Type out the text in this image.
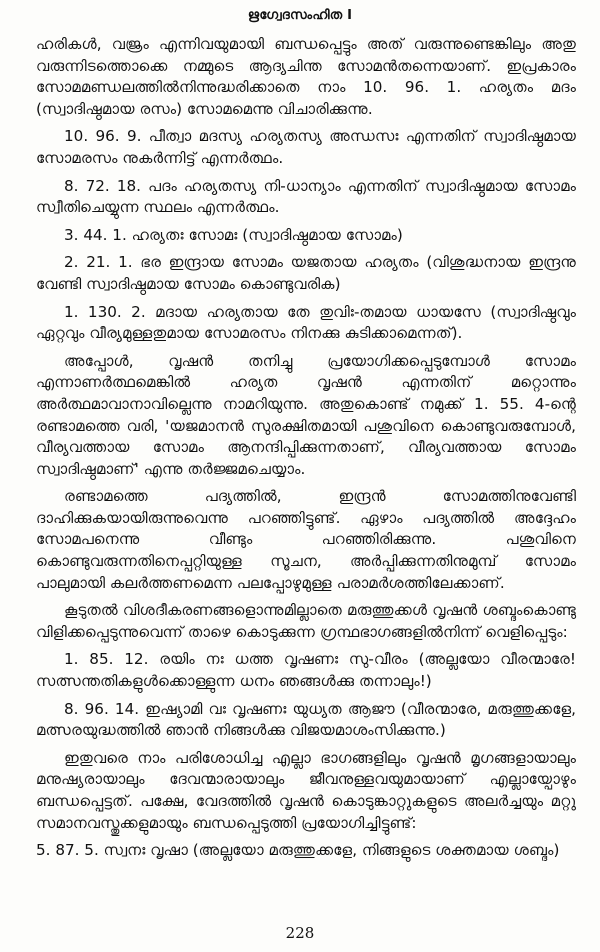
ഋഗ്വേദസംഹിത I

ഹരികൾ, വജ്രം എന്നിവയുമായി ബന്ധപ്പെട്ടും അത് വരുന്നുണ്ടെങ്കിലും അതു വരുന്നിടത്തൊക്കെ നമ്മുടെ ആദ്യചിന്ത സോമൻതന്നെയാണ്. ഇപ്രകാരം സോമമണ്ഡലത്തിൽനിന്നുദ്ധരിക്കാതെ നാം 10. 96. 1. ഹര്യതം മദം (സ്വാദിഷ്ഠമായ രസം) സോമമെന്നു വിചാരിക്കുന്നു.

10. 96. 9. പീത്വാ മദസ്യ ഹര്യതസ്യ അന്ധസഃ എന്നതിന് സ്വാദിഷ്ഠമായ സോമരസം നുകർന്നിട്ട് എന്നർത്ഥം.

8. 72. 18. പദം ഹര്യതസ്യ നി-ധാന്യാം എന്നതിന് സ്വാദിഷ്ഠമായ സോമം സ്വീതിചെയ്യുന്ന സ്ഥലം എന്നർത്ഥം.

3. 44. 1. ഹര്യതഃ സോമഃ (സ്വാദിഷ്ഠമായ സോമം)

2. 21. 1. ഭര ഇന്ദ്രായ സോമം യജതായ ഹര്യതം (വിശുദ്ധനായ ഇന്ദ്രനു വേണ്ടി സ്വാദിഷ്ഠമായ സോമം കൊണ്ടുവരിക)

1. 130. 2. മദായ ഹര്യതായ തേ തുവിഃ-തമായ ധായസേ (സ്വാദിഷ്ഠവും ഏറ്റവും വീര്യമുള്ളതുമായ സോമരസം നിനക്കു കുടിക്കാമെന്നത്).

അപ്പോൾ, വൃഷൻ തനിച്ചു പ്രയോഗിക്കപ്പെടുമ്പോൾ സോമം എന്നാണർത്ഥമെങ്കിൽ ഹര്യത വൃഷൻ എന്നതിന് മറ്റൊന്നും അർത്ഥമാവാനാവില്ലെന്നു നാമറിയുന്നു. അതുകൊണ്ട് നമുക്ക് 1. 55. 4-ന്റെ രണ്ടാമത്തെ വരി, 'യജമാനൻ സുരക്ഷിതമായി പശുവിനെ കൊണ്ടുവരുമ്പോൾ, വീര്യവത്തായ സോമം ആനന്ദിപ്പിക്കുന്നതാണ്, വീര്യവത്തായ സോമം സ്വാദിഷ്ഠമാണ്' എന്നു തർജ്ജമചെയ്യാം.

രണ്ടാമത്തെ പദ്യത്തിൽ, ഇന്ദ്രൻ സോമത്തിനുവേണ്ടി ദാഹിക്കുകയായിരുന്നുവെന്നു പറഞ്ഞിട്ടുണ്ട്. ഏഴാം പദ്യത്തിൽ അദ്ദേഹം സോമപനെന്നു വീണ്ടും പറഞ്ഞിരിക്കുന്നു. പശുവിനെ കൊണ്ടുവരുന്നതിനെപ്പറ്റിയുള്ള സൂചന, അർപ്പിക്കുന്നതിനുമുമ്പ് സോമം പാലുമായി കലർത്തണമെന്ന പലപ്പോഴുമുള്ള പരാമർശത്തിലേക്കാണ്.

കൂടുതൽ വിശദീകരണങ്ങളൊന്നുമില്ലാതെ മരുത്തുക്കൾ വൃഷൻ ശബ്ദംകൊണ്ടു വിളിക്കപ്പെടുന്നുവെന്ന് താഴെ കൊടുക്കുന്ന ഗ്രന്ഥഭാഗങ്ങളിൽനിന്ന് വെളിപ്പെടും:

1. 85. 12. രയിം നഃ ധത്ത വൃഷണഃ സു-വീരം (അല്ലയോ വീരന്മാരേ! സത്സന്തതികളുൾക്കൊള്ളുന്ന ധനം ഞങ്ങൾക്കു തന്നാലും!)

8. 96. 14. ഇഷ്യാമി വഃ വൃഷണഃ യുധ്യത ആജൗ (വീരന്മാരേ, മരുത്തുക്കളേ, മത്സരയുദ്ധത്തിൽ ഞാൻ നിങ്ങൾക്കു വിജയമാശംസിക്കുന്നു.)

ഇതുവരെ നാം പരിശോധിച്ച എല്ലാ ഭാഗങ്ങളിലും വൃഷൻ മൃഗങ്ങളായാലും മനുഷ്യരായാലും ദേവന്മാരായാലും ജീവനുള്ളവയുമായാണ് എല്ലായ്പോഴും ബന്ധപ്പെട്ടത്. പക്ഷേ, വേദത്തിൽ വൃഷൻ കൊടുങ്കാറ്റുകളുടെ അലർച്ചയും മറ്റു സമാനവസ്തുക്കളുമായും ബന്ധപ്പെടുത്തി പ്രയോഗിച്ചിട്ടുണ്ട്:

5. 87. 5. സ്വനഃ വൃഷാ (അല്ലയോ മരുത്തുക്കളേ, നിങ്ങളുടെ ശക്തമായ ശബ്ദം)

228
